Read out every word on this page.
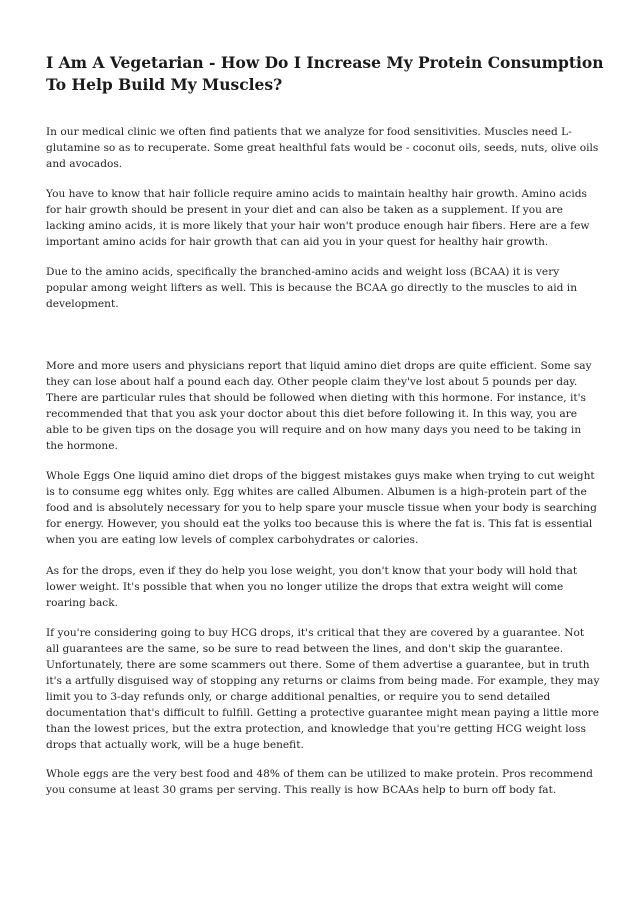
I Am A Vegetarian - How Do I Increase My Protein Consumption To Help Build My Muscles?

In our medical clinic we often find patients that we analyze for food sensitivities. Muscles need L-glutamine so as to recuperate. Some great healthful fats would be - coconut oils, seeds, nuts, olive oils and avocados.

You have to know that hair follicle require amino acids to maintain healthy hair growth. Amino acids for hair growth should be present in your diet and can also be taken as a supplement. If you are lacking amino acids, it is more likely that your hair won't produce enough hair fibers. Here are a few important amino acids for hair growth that can aid you in your quest for healthy hair growth.

Due to the amino acids, specifically the branched-amino acids and weight loss (BCAA) it is very popular among weight lifters as well. This is because the BCAA go directly to the muscles to aid in development.

More and more users and physicians report that liquid amino diet drops are quite efficient. Some say they can lose about half a pound each day. Other people claim they've lost about 5 pounds per day. There are particular rules that should be followed when dieting with this hormone. For instance, it's recommended that that you ask your doctor about this diet before following it. In this way, you are able to be given tips on the dosage you will require and on how many days you need to be taking in the hormone.

Whole Eggs One liquid amino diet drops of the biggest mistakes guys make when trying to cut weight is to consume egg whites only. Egg whites are called Albumen. Albumen is a high-protein part of the food and is absolutely necessary for you to help spare your muscle tissue when your body is searching for energy. However, you should eat the yolks too because this is where the fat is. This fat is essential when you are eating low levels of complex carbohydrates or calories.

As for the drops, even if they do help you lose weight, you don't know that your body will hold that lower weight. It's possible that when you no longer utilize the drops that extra weight will come roaring back.

If you're considering going to buy HCG drops, it's critical that they are covered by a guarantee. Not all guarantees are the same, so be sure to read between the lines, and don't skip the guarantee. Unfortunately, there are some scammers out there. Some of them advertise a guarantee, but in truth it's a artfully disguised way of stopping any returns or claims from being made. For example, they may limit you to 3-day refunds only, or charge additional penalties, or require you to send detailed documentation that's difficult to fulfill. Getting a protective guarantee might mean paying a little more than the lowest prices, but the extra protection, and knowledge that you're getting HCG weight loss drops that actually work, will be a huge benefit.

Whole eggs are the very best food and 48% of them can be utilized to make protein. Pros recommend you consume at least 30 grams per serving. This really is how BCAAs help to burn off body fat.
